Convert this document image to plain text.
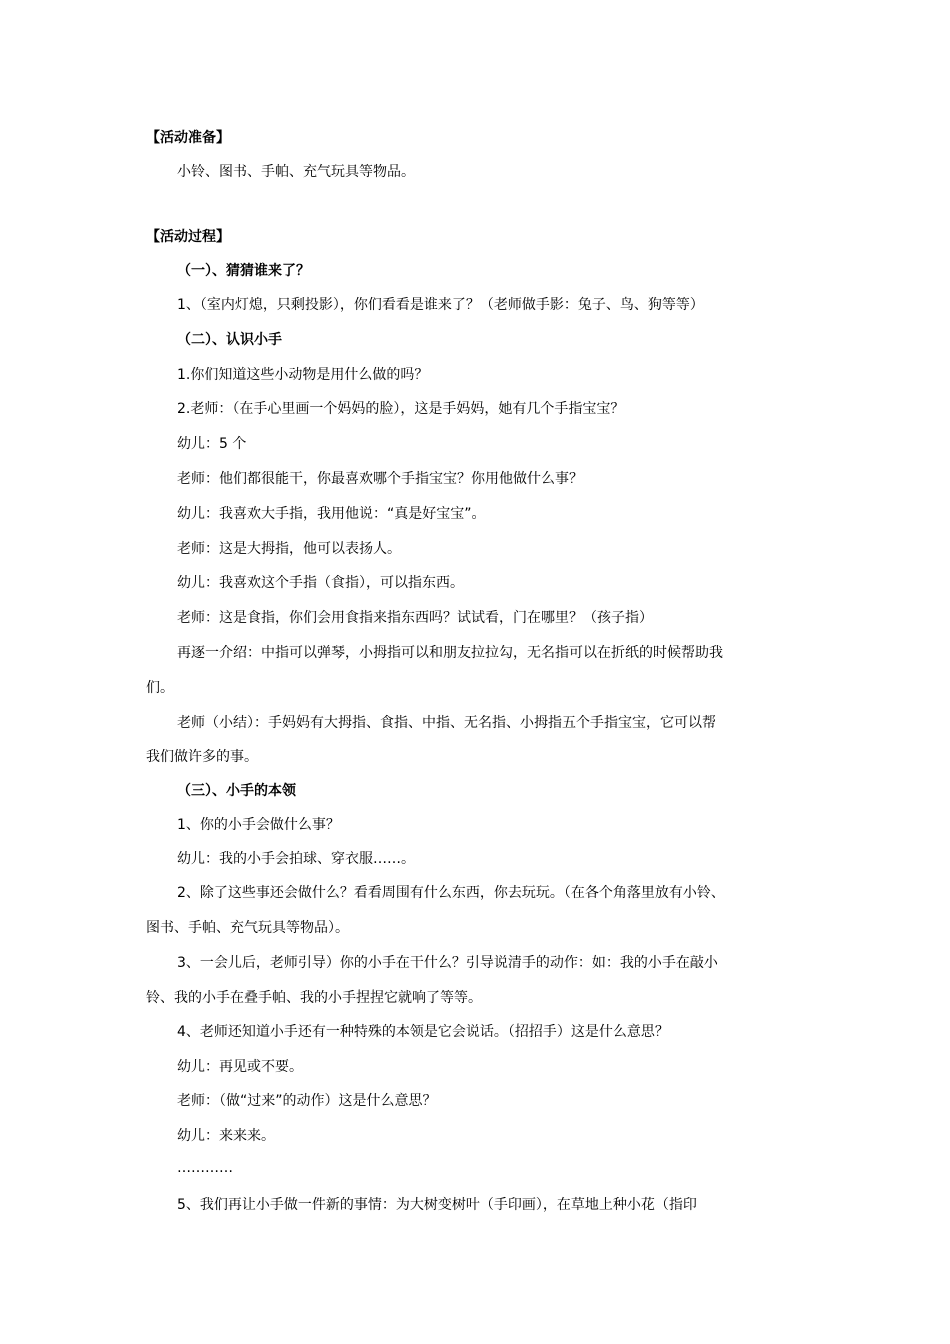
【活动准备】
小铃、图书、手帕、充气玩具等物品。
【活动过程】
（一）、猜猜谁来了？
1、（室内灯熄，只剩投影），你们看看是谁来了？（老师做手影：兔子、鸟、狗等等）
（二）、认识小手
1.你们知道这些小动物是用什么做的吗？
2.老师：（在手心里画一个妈妈的脸），这是手妈妈，她有几个手指宝宝？
幼儿：5 个
老师：他们都很能干，你最喜欢哪个手指宝宝？你用他做什么事？
幼儿：我喜欢大手指，我用他说：“真是好宝宝”。
老师：这是大拇指，他可以表扬人。
幼儿：我喜欢这个手指（食指），可以指东西。
老师：这是食指，你们会用食指来指东西吗？试试看，门在哪里？（孩子指）
再逐一介绍：中指可以弹琴，小拇指可以和朋友拉拉勾，无名指可以在折纸的时候帮助我
们。
老师（小结）：手妈妈有大拇指、食指、中指、无名指、小拇指五个手指宝宝，它可以帮
我们做许多的事。
（三）、小手的本领
1、你的小手会做什么事？
幼儿：我的小手会拍球、穿衣服……。
2、除了这些事还会做什么？看看周围有什么东西，你去玩玩。（在各个角落里放有小铃、
图书、手帕、充气玩具等物品）。
3、一会儿后，老师引导）你的小手在干什么？引导说清手的动作：如：我的小手在敲小
铃、我的小手在叠手帕、我的小手捏捏它就响了等等。
4、老师还知道小手还有一种特殊的本领是它会说话。（招招手）这是什么意思？
幼儿：再见或不要。
老师：（做“过来”的动作）这是什么意思？
幼儿：来来来。
…………
5、我们再让小手做一件新的事情：为大树变树叶（手印画），在草地上种小花（指印
